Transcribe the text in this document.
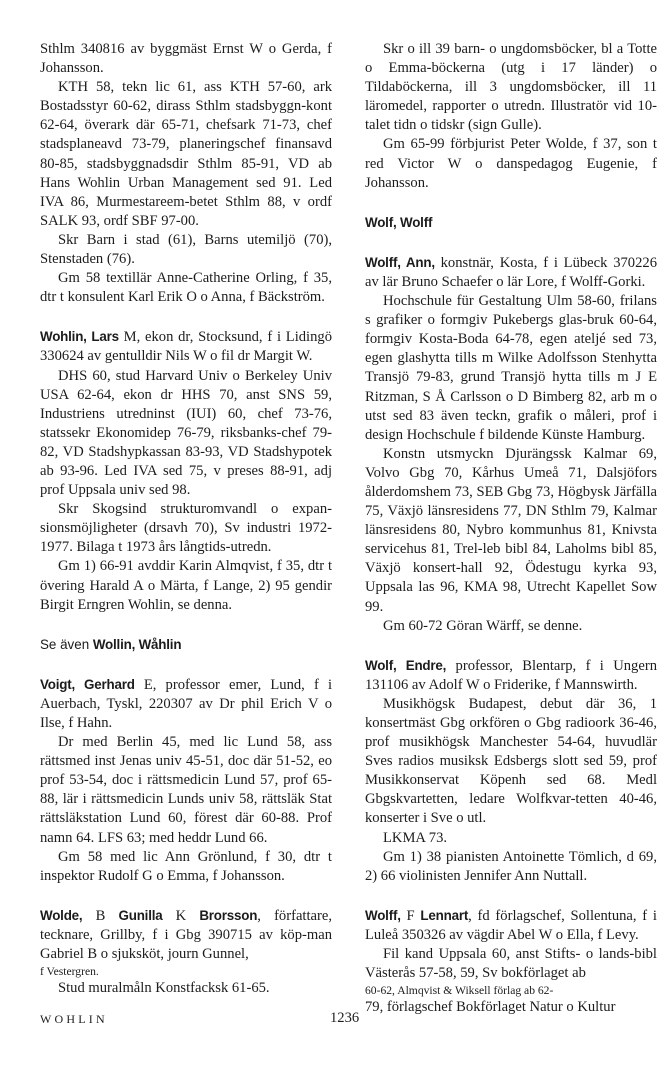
Sthlm 340816 av byggmäst Ernst W o Gerda, f Johansson.

KTH 58, tekn lic 61, ass KTH 57-60, ark Bostadsstyr 60-62, dirass Sthlm stadsbyggn-kont 62-64, överark där 65-71, chefsark 71-73, chef stadsplaneavd 73-79, planeringschef finansavd 80-85, stadsbyggnadsdir Sthlm 85-91, VD ab Hans Wohlin Urban Management sed 91. Led IVA 86, Murmestareem-betet Sthlm 88, v ordf SALK 93, ordf SBF 97-00.

Skr Barn i stad (61), Barns utemiljö (70), Stenstaden (76).

Gm 58 textillär Anne-Catherine Orling, f 35, dtr t konsulent Karl Erik O o Anna, f Bäckström.

Wohlin, Lars M, ekon dr, Stocksund, f i Lidingö 330624 av gentulldir Nils W o fil dr Margit W.

DHS 60, stud Harvard Univ o Berkeley Univ USA 62-64, ekon dr HHS 70, anst SNS 59, Industriens utredninst (IUI) 60, chef 73-76, statssekr Ekonomidep 76-79, riksbanks-chef 79-82, VD Stadshypkassan 83-93, VD Stadshypotek ab 93-96. Led IVA sed 75, v preses 88-91, adj prof Uppsala univ sed 98.

Skr Skogsind strukturomvandl o expan-sionsmöjligheter (drsavh 70), Sv industri 1972-1977. Bilaga t 1973 års långtids-utredn.

Gm 1) 66-91 avddir Karin Almqvist, f 35, dtr t övering Harald A o Märta, f Lange, 2) 95 gendir Birgit Erngren Wohlin, se denna.

Se även Wollin, Wåhlin

Voigt, Gerhard E, professor emer, Lund, f i Auerbach, Tyskl, 220307 av Dr phil Erich V o Ilse, f Hahn.

Dr med Berlin 45, med lic Lund 58, ass rättsmed inst Jenas univ 45-51, doc där 51-52, eo prof 53-54, doc i rättsmedicin Lund 57, prof 65-88, lär i rättsmedicin Lunds univ 58, rättsläk Stat rättsläkstation Lund 60, förest där 60-88. Prof namn 64. LFS 63; med heddr Lund 66.

Gm 58 med lic Ann Grönlund, f 30, dtr t inspektor Rudolf G o Emma, f Johansson.

Wolde, B Gunilla K Brorsson, författare, tecknare, Grillby, f i Gbg 390715 av köp-man Gabriel B o sjuksköt, journ Gunnel,

f Vestergren.

Stud muralmåln Konstfacksk 61-65.

Skr o ill 39 barn- o ungdomsböcker, bl a Totte o Emma-böckerna (utg i 17 länder) o Tildaböckerna, ill 3 ungdomsböcker, ill 11 läromedel, rapporter o utredn. Illustratör vid 10-talet tidn o tidskr (sign Gulle).

Gm 65-99 förbjurist Peter Wolde, f 37, son t red Victor W o danspedagog Eugenie, f Johansson.

Wolf, Wolff

Wolff, Ann, konstnär, Kosta, f i Lübeck 370226 av lär Bruno Schaefer o lär Lore, f Wolff-Gorki.

Hochschule für Gestaltung Ulm 58-60, frilans s grafiker o formgiv Pukebergs glas-bruk 60-64, formgiv Kosta-Boda 64-78, egen ateljé sed 73, egen glashytta tills m Wilke Adolfsson Stenhytta Transjö 79-83, grund Transjö hytta tills m J E Ritzman, S Å Carlsson o D Bimberg 82, arb m o utst sed 83 även teckn, grafik o måleri, prof i design Hochschule f bildende Künste Hamburg.

Konstn utsmyckn Djurängssk Kalmar 69, Volvo Gbg 70, Kårhus Umeå 71, Dalsjöfors ålderdomshem 73, SEB Gbg 73, Högbysk Järfälla 75, Växjö länsresidens 77, DN Sthlm 79, Kalmar länsresidens 80, Nybro kommunhus 81, Knivsta servicehus 81, Trel-leb bibl 84, Laholms bibl 85, Växjö konsert-hall 92, Ödestugu kyrka 93, Uppsala las 96, KMA 98, Utrecht Kapellet Sow 99.

Gm 60-72 Göran Wärff, se denne.

Wolf, Endre, professor, Blentarp, f i Ungern 131106 av Adolf W o Friderike, f Mannswirth.

Musikhögsk Budapest, debut där 36, 1 konsertmäst Gbg orkfören o Gbg radioork 36-46, prof musikhögsk Manchester 54-64, huvudlär Sves radios musiksk Edsbergs slott sed 59, prof Musikkonservat Köpenh sed 68. Medl Gbgskvartetten, ledare Wolfkvar-tetten 40-46, konserter i Sve o utl.

LKMA 73.

Gm 1) 38 pianisten Antoinette Tömlich, d 69, 2) 66 violinisten Jennifer Ann Nuttall.

Wolff, F Lennart, fd förlagschef, Sollentuna, f i Luleå 350326 av vägdir Abel W o Ella, f Levy.

Fil kand Uppsala 60, anst Stifts- o lands-bibl Västerås 57-58, 59, Sv bokförlaget ab

60-62, Almqvist & Wiksell förlag ab 62-

79, förlagschef Bokförlaget Natur o Kultur

WOHLIN	1236
